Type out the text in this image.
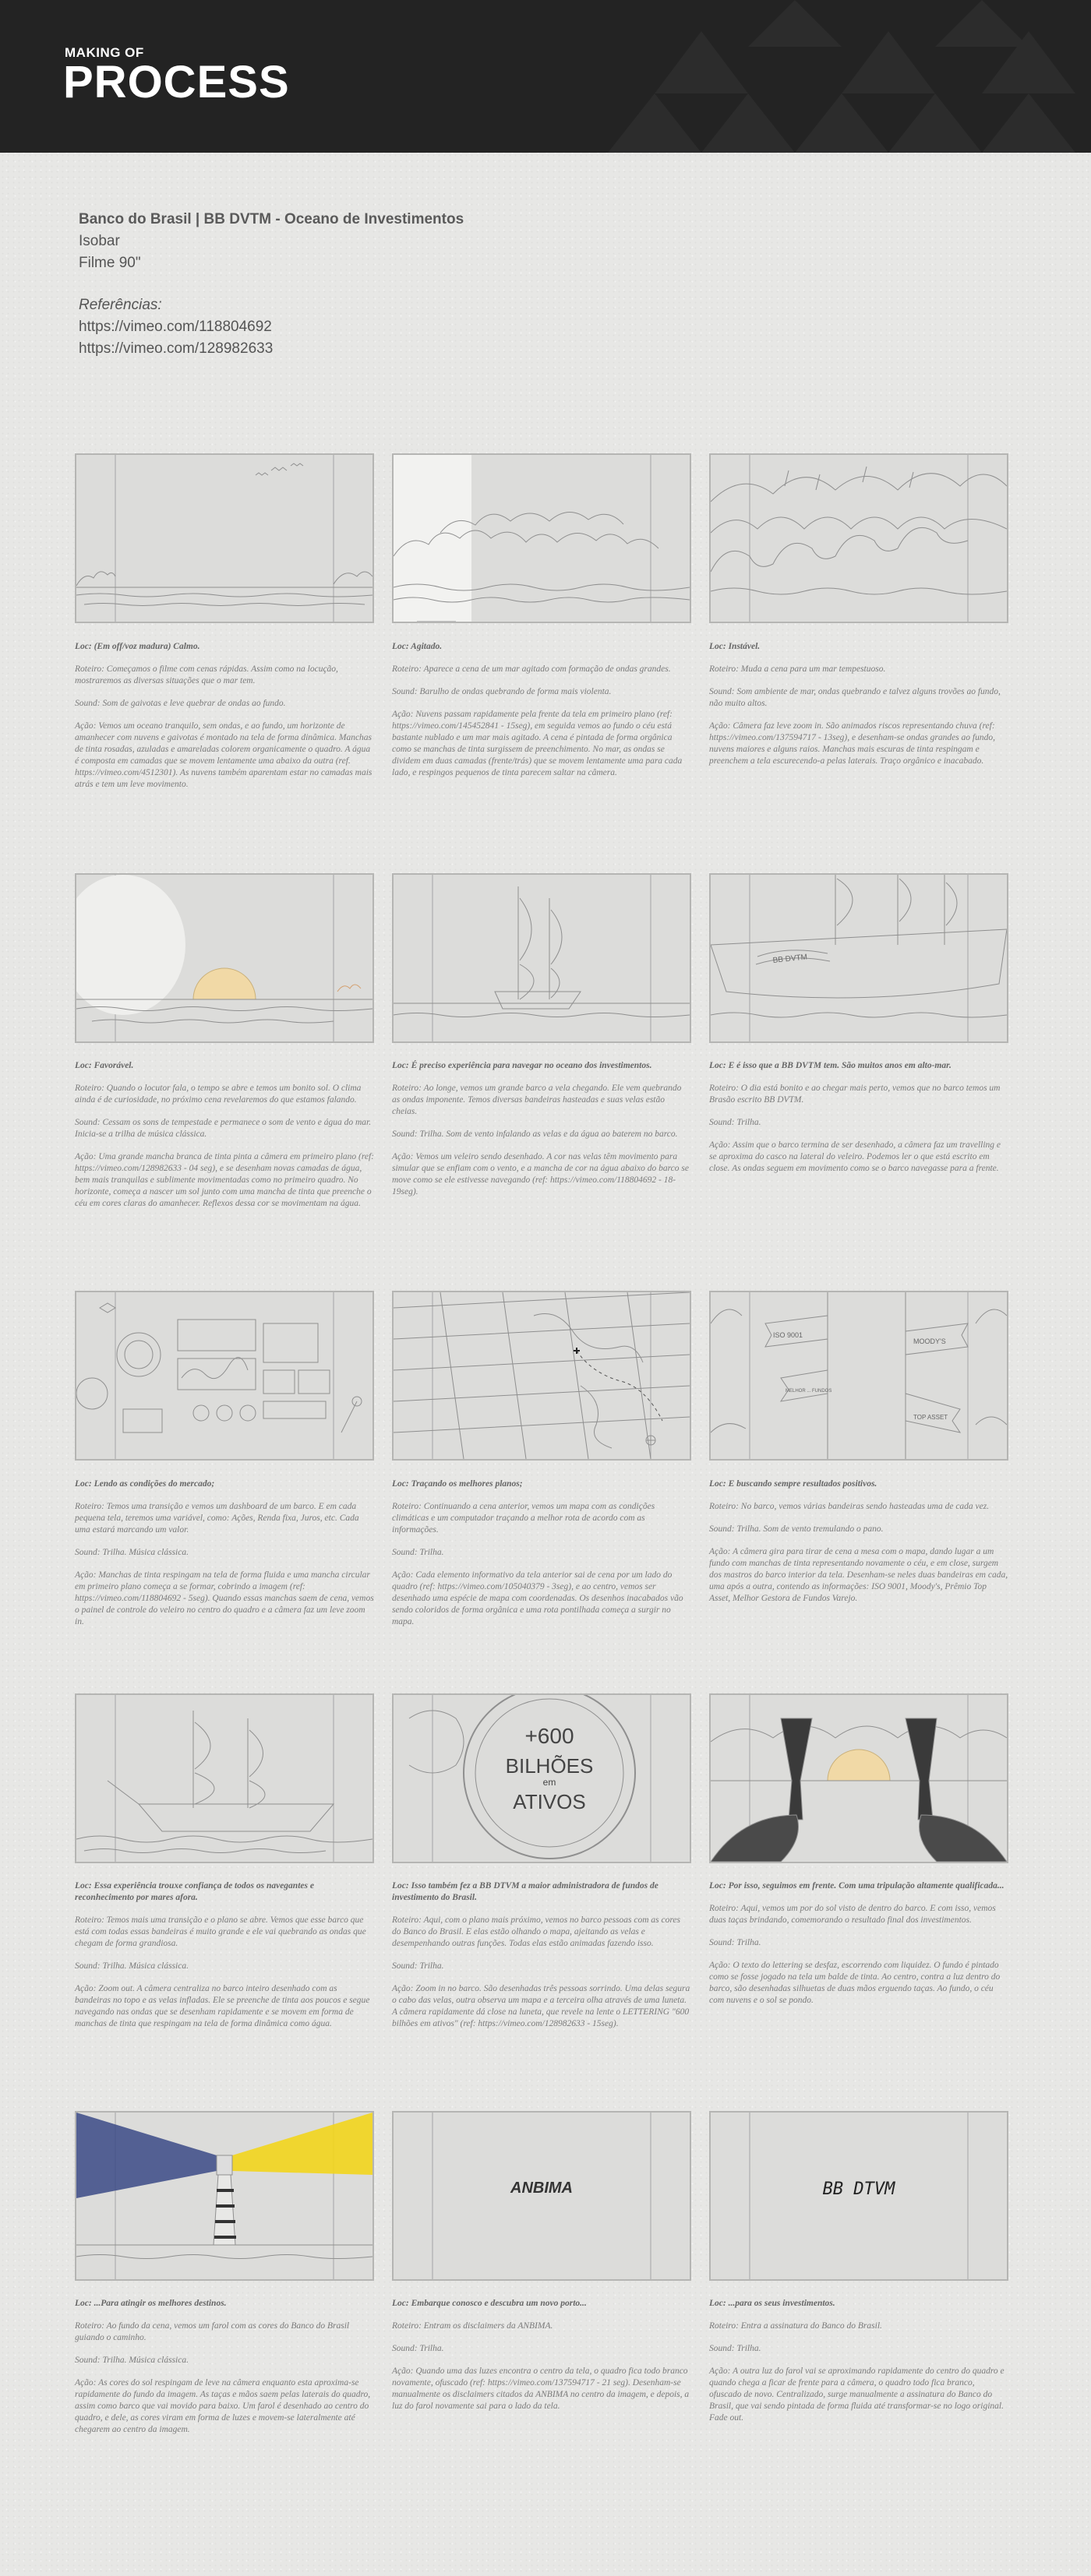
MAKING OF
PROCESS
Banco do Brasil | BB DVTM - Oceano de Investimentos
Isobar
Filme 90"
Referências:
https://vimeo.com/118804692
https://vimeo.com/128982633

Loc: (Em off/voz madura) Calmo.

Roteiro: Começamos o filme com cenas rápidas. Assim como na locução, mostraremos as diversas situações que o mar tem.

Sound: Som de gaivotas e leve quebrar de ondas ao fundo.

Ação: Vemos um oceano tranquilo, sem ondas, e ao fundo, um horizonte de amanhecer com nuvens e gaivotas é montado na tela de forma dinâmica. Manchas de tinta rosadas, azuladas e amareladas colorem organicamente o quadro. A água é composta em camadas que se movem lentamente uma abaixo da outra (ref. https://vimeo.com/4512301). As nuvens também aparentam estar no camadas mais atrás e tem um leve movimento.

Loc: Agitado.

Roteiro: Aparece a cena de um mar agitado com formação de ondas grandes.

Sound: Barulho de ondas quebrando de forma mais violenta.

Ação: Nuvens passam rapidamente pela frente da tela em primeiro plano (ref: https://vimeo.com/145452841 - 15seg), em seguida vemos ao fundo o céu está bastante nublado e um mar mais agitado. A cena é pintada de forma orgânica como se manchas de tinta surgissem de preenchimento. No mar, as ondas se dividem em duas camadas (frente/trás) que se movem lentamente uma para cada lado, e respingos pequenos de tinta parecem saltar na câmera.

Loc: Instável.

Roteiro: Muda a cena para um mar tempestuoso.

Sound: Som ambiente de mar, ondas quebrando e talvez alguns trovões ao fundo, não muito altos.

Ação: Câmera faz leve zoom in. São animados riscos representando chuva (ref: https://vimeo.com/137594717 - 13seg), e desenham-se ondas grandes ao fundo, nuvens maiores e alguns raios. Manchas mais escuras de tinta respingam e preenchem a tela escurecendo-a pelas laterais. Traço orgânico e inacabado.

BB DVTM

Loc: Favorável.

Roteiro: Quando o locutor fala, o tempo se abre e temos um bonito sol. O clima ainda é de curiosidade, no próximo cena revelaremos do que estamos falando.

Sound: Cessam os sons de tempestade e permanece o som de vento e água do mar. Inicia-se a trilha de música clássica.

Ação: Uma grande mancha branca de tinta pinta a câmera em primeiro plano (ref: https://vimeo.com/128982633 - 04 seg), e se desenham novas camadas de água, bem mais tranquilas e sublimente movimentadas como no primeiro quadro. No horizonte, começa a nascer um sol junto com uma mancha de tinta que preenche o céu em cores claras do amanhecer. Reflexos dessa cor se movimentam na água.

Loc: É preciso experiência para navegar no oceano dos investimentos.

Roteiro: Ao longe, vemos um grande barco a vela chegando. Ele vem quebrando as ondas imponente. Temos diversas bandeiras hasteadas e suas velas estão cheias.

Sound: Trilha. Som de vento infalando as velas e da água ao baterem no barco.

Ação: Vemos um veleiro sendo desenhado. A cor nas velas têm movimento para simular que se enfiam com o vento, e a mancha de cor na água abaixo do barco se move como se ele estivesse navegando (ref: https://vimeo.com/118804692 - 18-19seg).

Loc: E é isso que a BB DVTM tem. São muitos anos em alto-mar.

Roteiro: O dia está bonito e ao chegar mais perto, vemos que no barco temos um Brasão escrito BB DVTM.

Sound: Trilha.

Ação: Assim que o barco termina de ser desenhado, a câmera faz um travelling e se aproxima do casco na lateral do veleiro. Podemos ler o que está escrito em close. As ondas seguem em movimento como se o barco navegasse para a frente.

ISO 9001
MELHOR ... FUNDOS
MOODY'S
TOP ASSET

Loc: Lendo as condições do mercado;

Roteiro: Temos uma transição e vemos um dashboard de um barco. E em cada pequena tela, teremos uma variável, como: Ações, Renda fixa, Juros, etc. Cada uma estará marcando um valor.

Sound: Trilha. Música clássica.

Ação: Manchas de tinta respingam na tela de forma fluida e uma mancha circular em primeiro plano começa a se formar, cobrindo a imagem (ref: https://vimeo.com/118804692 - 5seg). Quando essas manchas saem de cena, vemos o painel de controle do veleiro no centro do quadro e a câmera faz um leve zoom in.

Loc: Traçando os melhores planos;

Roteiro: Continuando a cena anterior, vemos um mapa com as condições climáticas e um computador traçando a melhor rota de acordo com as informações.

Sound: Trilha.

Ação: Cada elemento informativo da tela anterior sai de cena por um lado do quadro (ref: https://vimeo.com/105040379 - 3seg), e ao centro, vemos ser desenhado uma espécie de mapa com coordenadas. Os desenhos inacabados vão sendo coloridos de forma orgânica e uma rota pontilhada começa a surgir no mapa.

Loc: E buscando sempre resultados positivos.

Roteiro: No barco, vemos várias bandeiras sendo hasteadas uma de cada vez.

Sound: Trilha. Som de vento tremulando o pano.

Ação: A câmera gira para tirar de cena a mesa com o mapa, dando lugar a um fundo com manchas de tinta representando novamente o céu, e em close, surgem dos mastros do barco interior da tela. Desenham-se neles duas bandeiras em cada, uma após a outra, contendo as informações: ISO 9001, Moody's, Prêmio Top Asset, Melhor Gestora de Fundos Varejo.

+600
BILHÕES
em
ATIVOS

Loc: Essa experiência trouxe confiança de todos os navegantes e reconhecimento por mares afora.

Roteiro: Temos mais uma transição e o plano se abre. Vemos que esse barco que está com todas essas bandeiras é muito grande e ele vai quebrando as ondas que chegam de forma grandiosa.

Sound: Trilha. Música clássica.

Ação: Zoom out. A câmera centraliza no barco inteiro desenhado com as bandeiras no topo e as velas infladas. Ele se preenche de tinta aos poucos e segue navegando nas ondas que se desenham rapidamente e se movem em forma de manchas de tinta que respingam na tela de forma dinâmica como água.

Loc: Isso também fez a BB DTVM a maior administradora de fundos de investimento do Brasil.

Roteiro: Aqui, com o plano mais próximo, vemos no barco pessoas com as cores do Banco do Brasil. E elas estão olhando o mapa, ajeitando as velas e desempenhando outras funções. Todas elas estão animadas fazendo isso.

Sound: Trilha.

Ação: Zoom in no barco. São desenhadas três pessoas sorrindo. Uma delas segura o cabo das velas, outra observa um mapa e a terceira olha através de uma luneta. A câmera rapidamente dá close na luneta, que revele na lente o LETTERING "600 bilhões em ativos" (ref: https://vimeo.com/128982633 - 15seg).

Loc: Por isso, seguimos em frente. Com uma tripulação altamente qualificada...

Roteiro: Aqui, vemos um por do sol visto de dentro do barco. E com isso, vemos duas taças brindando, comemorando o resultado final dos investimentos.

Sound: Trilha.

Ação: O texto do lettering se desfaz, escorrendo com liquidez. O fundo é pintado como se fosse jogado na tela um balde de tinta. Ao centro, contra a luz dentro do barco, são desenhadas silhuetas de duas mãos erguendo taças. Ao fundo, o céu com nuvens e o sol se pondo.

ANBIMA	BB DTVM

Loc: ...Para atingir os melhores destinos.

Roteiro: Ao fundo da cena, vemos um farol com as cores do Banco do Brasil guiando o caminho.

Sound: Trilha. Música clássica.

Ação: As cores do sol respingam de leve na câmera enquanto esta aproxima-se rapidamente do fundo da imagem. As taças e mãos saem pelas laterais do quadro, assim como barco que vai movido para baixo. Um farol é desenhado ao centro do quadro, e dele, as cores viram em forma de luzes e movem-se lateralmente até chegarem ao centro da imagem.

Loc: Embarque conosco e descubra um novo porto...

Roteiro: Entram os disclaimers da ANBIMA.

Sound: Trilha.

Ação: Quando uma das luzes encontra o centro da tela, o quadro fica todo branco novamente, ofuscado (ref: https://vimeo.com/137594717 - 21 seg). Desenham-se manualmente os disclaimers citados da ANBIMA no centro da imagem, e depois, a luz do farol novamente sai para o lado da tela.

Loc: ...para os seus investimentos.

Roteiro: Entra a assinatura do Banco do Brasil.

Sound: Trilha.

Ação: A outra luz do farol vai se aproximando rapidamente do centro do quadro e quando chega a ficar de frente para a câmera, o quadro todo fica branco, ofuscado de novo. Centralizado, surge manualmente a assinatura do Banco do Brasil, que vai sendo pintada de forma fluida até transformar-se no logo original. Fade out.
